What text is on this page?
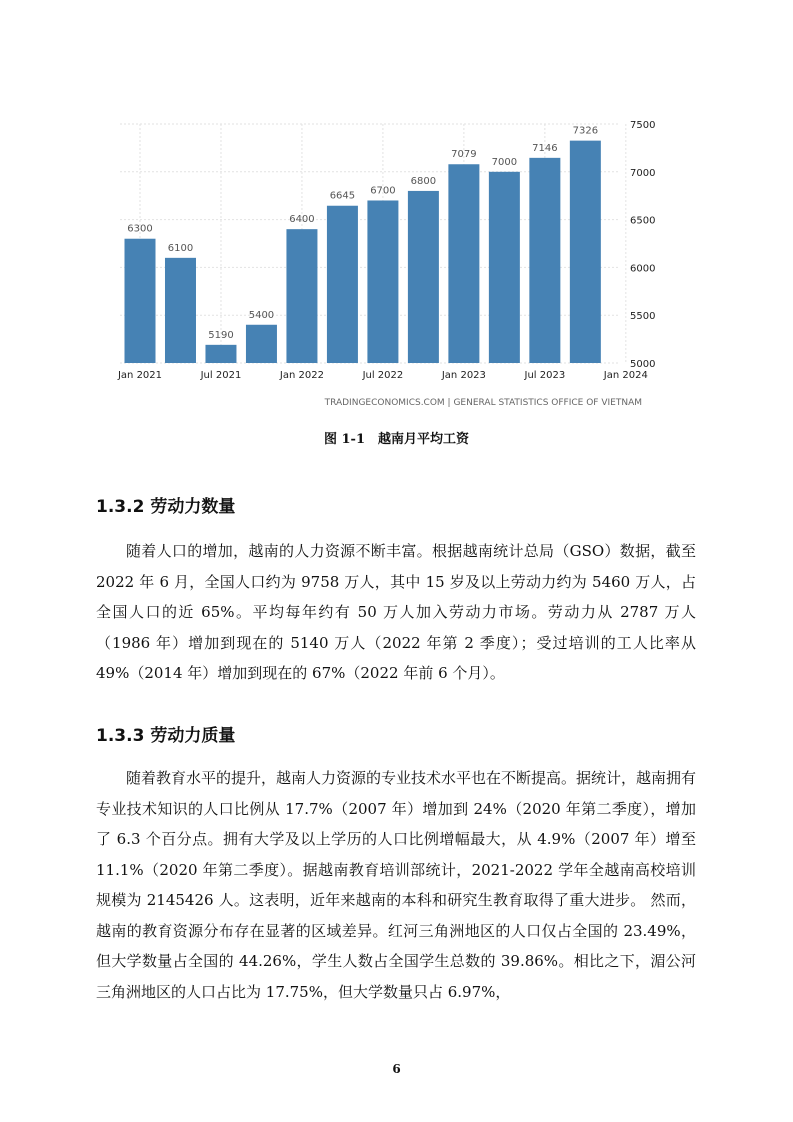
6300
6100
5190
5400
6400
6645 6700
6800
7079
7000
7146
7326
Jan 2021	Jul 2021	Jan 2022	Jul 2022	Jan 2023	Jul 2023	Jan 2024
7500
7000
6500
6000
5500
5000
TRADINGECONOMICS.COM | GENERAL STATISTICS OFFICE OF VIETNAM
图 1-1　越南月平均工资
1.3.2 劳动力数量

随着人口的增加，越南的人力资源不断丰富。根据越南统计总局（GSO）数据，截至 2022 年 6 月，全国人口约为 9758 万人，其中 15 岁及以上劳动力约为 5460 万人，占全国人口的近 65%。平均每年约有 50 万人加入劳动力市场。劳动力从 2787 万人（1986 年）增加到现在的 5140 万人（2022 年第 2 季度）；受过培训的工人比率从 49%（2014 年）增加到现在的 67%（2022 年前 6 个月）。

1.3.3 劳动力质量

随着教育水平的提升，越南人力资源的专业技术水平也在不断提高。据统计，越南拥有专业技术知识的人口比例从 17.7%（2007 年）增加到 24%（2020 年第二季度），增加了 6.3 个百分点。拥有大学及以上学历的人口比例增幅最大，从 4.9%（2007 年）增至 11.1%（2020 年第二季度）。据越南教育培训部统计，2021-2022 学年全越南高校培训规模为 2145426 人。这表明，近年来越南的本科和研究生教育取得了重大进步。 然而，越南的教育资源分布存在显著的区域差异。红河三角洲地区的人口仅占全国的 23.49%，但大学数量占全国的 44.26%，学生人数占全国学生总数的 39.86%。相比之下，湄公河三角洲地区的人口占比为 17.75%，但大学数量只占 6.97%，

6
